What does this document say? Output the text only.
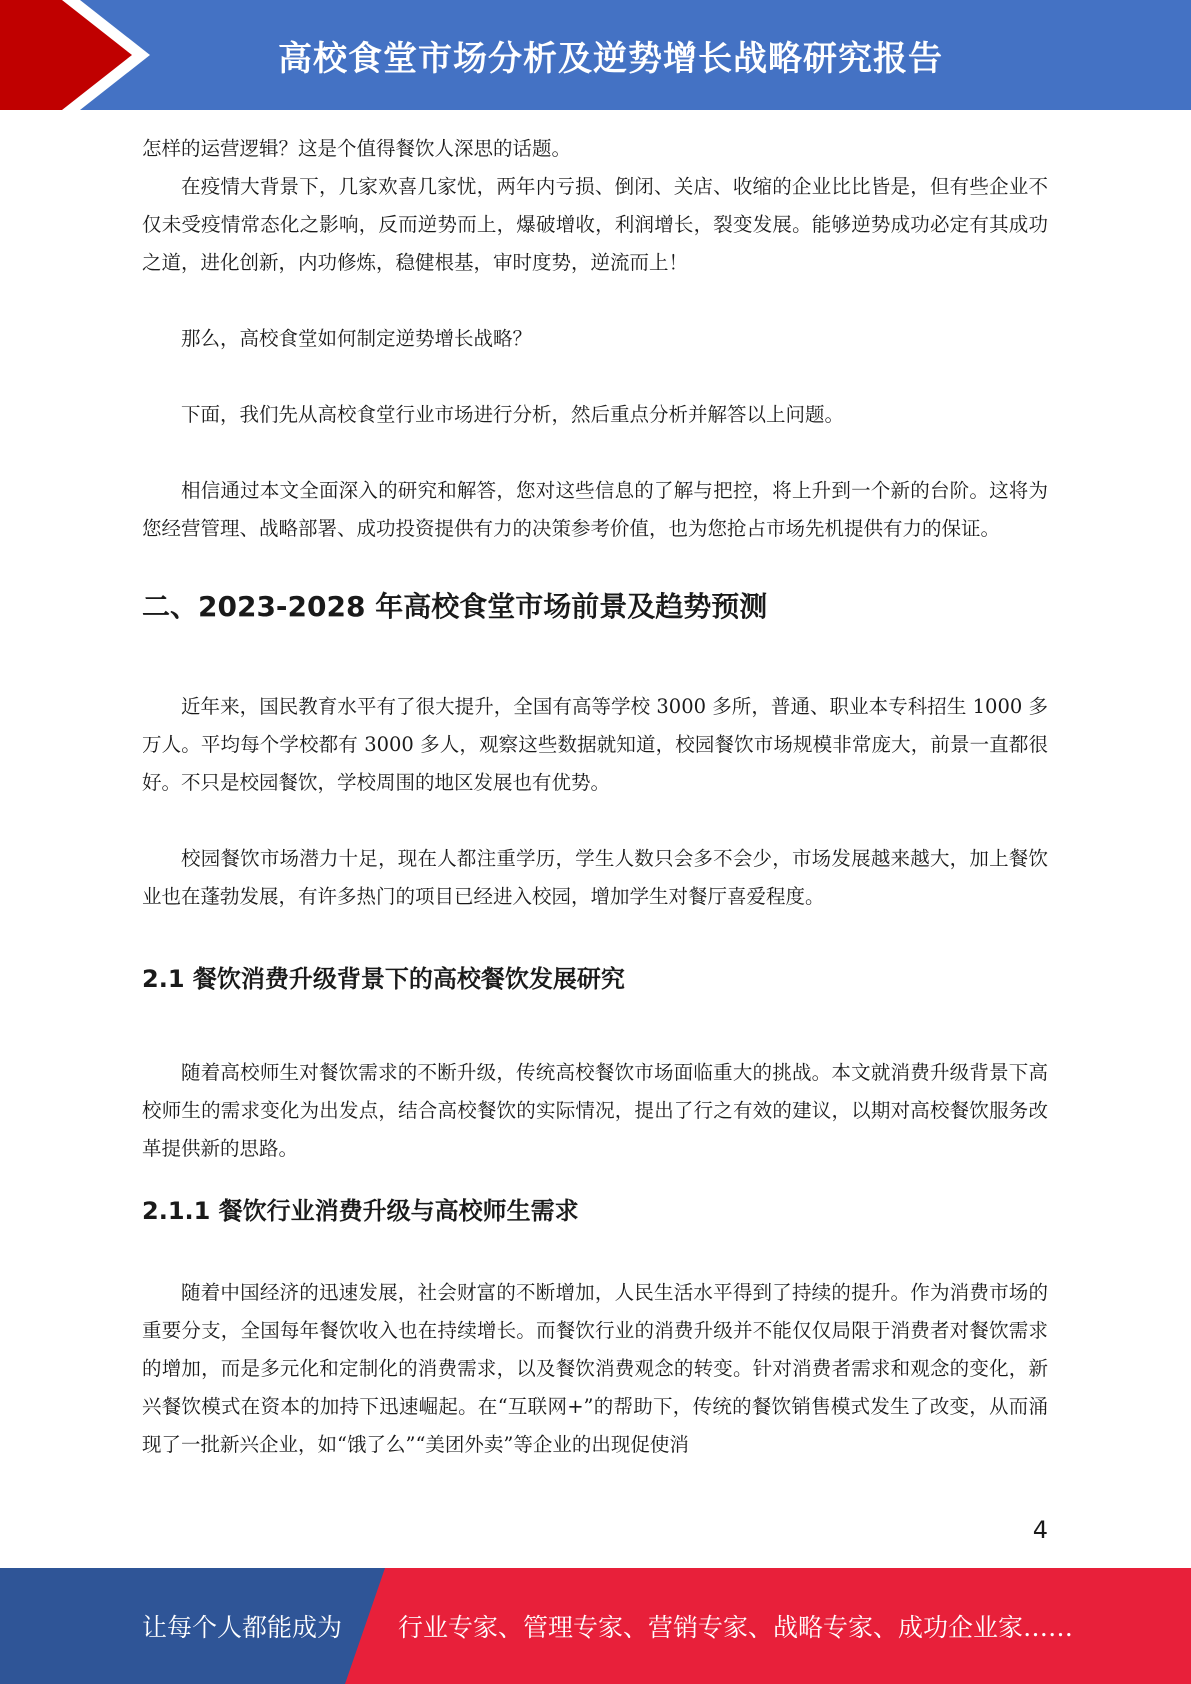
高校食堂市场分析及逆势增长战略研究报告

怎样的运营逻辑？这是个值得餐饮人深思的话题。

在疫情大背景下，几家欢喜几家忧，两年内亏损、倒闭、关店、收缩的企业比比皆是，但有些企业不仅未受疫情常态化之影响，反而逆势而上，爆破增收，利润增长，裂变发展。能够逆势成功必定有其成功之道，进化创新，内功修炼，稳健根基，审时度势，逆流而上！

那么，高校食堂如何制定逆势增长战略？

下面，我们先从高校食堂行业市场进行分析，然后重点分析并解答以上问题。

相信通过本文全面深入的研究和解答，您对这些信息的了解与把控，将上升到一个新的台阶。这将为您经营管理、战略部署、成功投资提供有力的决策参考价值，也为您抢占市场先机提供有力的保证。

二、2023-2028 年高校食堂市场前景及趋势预测

近年来，国民教育水平有了很大提升，全国有高等学校 3000 多所，普通、职业本专科招生 1000 多万人。平均每个学校都有 3000 多人，观察这些数据就知道，校园餐饮市场规模非常庞大，前景一直都很好。不只是校园餐饮，学校周围的地区发展也有优势。

校园餐饮市场潜力十足，现在人都注重学历，学生人数只会多不会少，市场发展越来越大，加上餐饮业也在蓬勃发展，有许多热门的项目已经进入校园，增加学生对餐厅喜爱程度。

2.1 餐饮消费升级背景下的高校餐饮发展研究

随着高校师生对餐饮需求的不断升级，传统高校餐饮市场面临重大的挑战。本文就消费升级背景下高校师生的需求变化为出发点，结合高校餐饮的实际情况，提出了行之有效的建议，以期对高校餐饮服务改革提供新的思路。

2.1.1 餐饮行业消费升级与高校师生需求

随着中国经济的迅速发展，社会财富的不断增加，人民生活水平得到了持续的提升。作为消费市场的重要分支，全国每年餐饮收入也在持续增长。而餐饮行业的消费升级并不能仅仅局限于消费者对餐饮需求的增加，而是多元化和定制化的消费需求，以及餐饮消费观念的转变。针对消费者需求和观念的变化，新兴餐饮模式在资本的加持下迅速崛起。在“互联网+”的帮助下，传统的餐饮销售模式发生了改变，从而涌现了一批新兴企业，如“饿了么”“美团外卖”等企业的出现促使消

4
让每个人都能成为 行业专家、管理专家、营销专家、战略专家、成功企业家……
